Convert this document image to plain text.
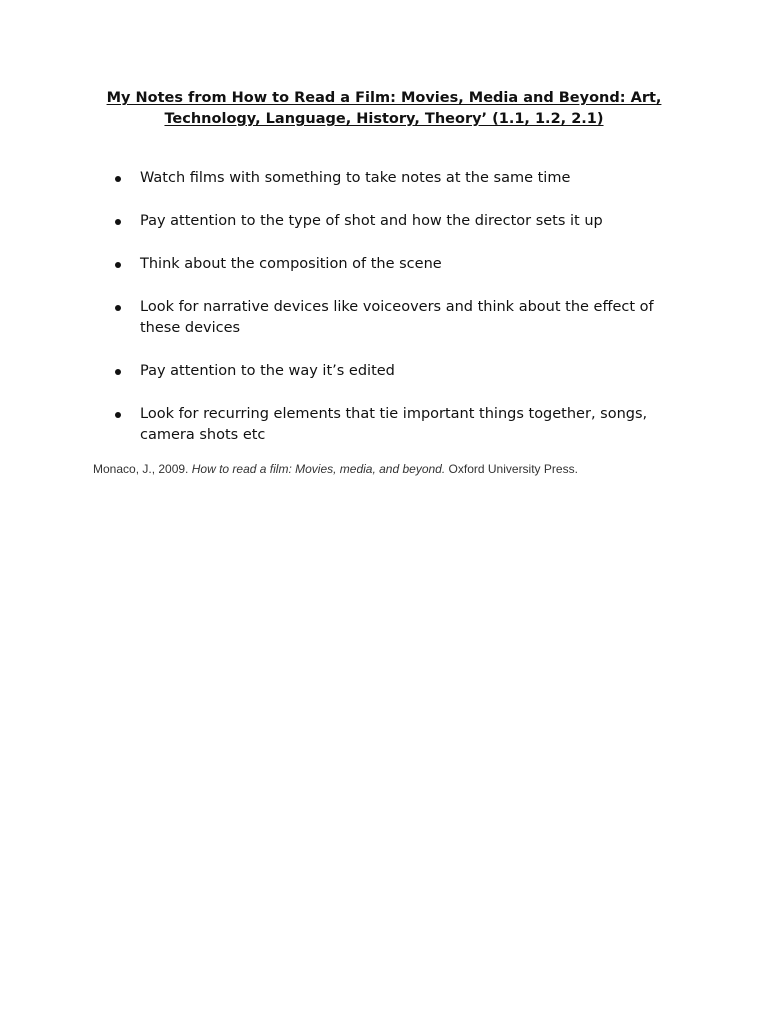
My Notes from How to Read a Film: Movies, Media and Beyond: Art,
Technology, Language, History, Theory’ (1.1, 1.2, 2.1)
Watch films with something to take notes at the same time
Pay attention to the type of shot and how the director sets it up
Think about the composition of the scene
Look for narrative devices like voiceovers and think about the effect of these devices
Pay attention to the way it’s edited
Look for recurring elements that tie important things together, songs, camera shots etc

Monaco, J., 2009. How to read a film: Movies, media, and beyond. Oxford University Press.
